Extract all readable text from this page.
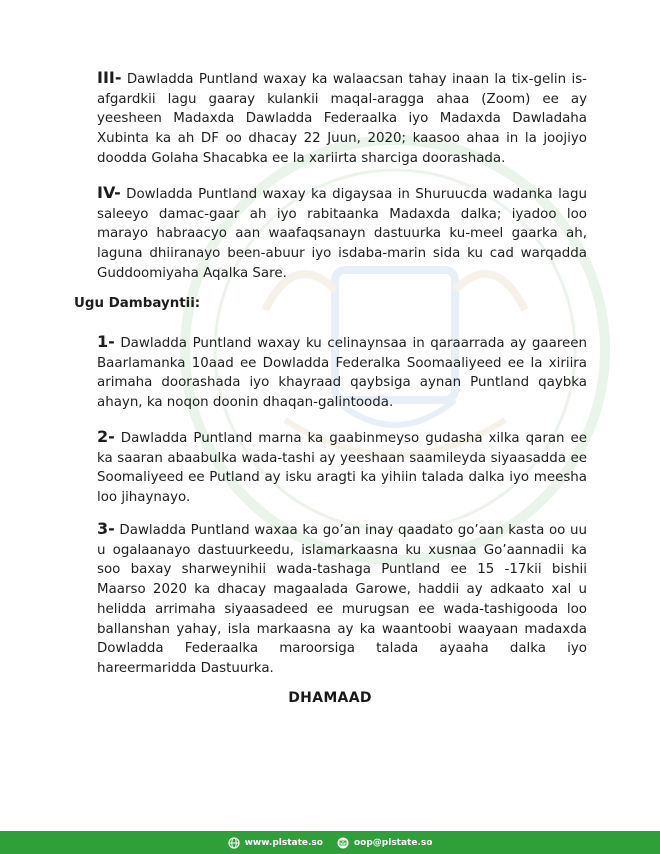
III- Dawladda Puntland waxay ka walaacsan tahay inaan la tix-gelin is-afgardkii lagu gaaray kulankii maqal-aragga ahaa (Zoom) ee ay yeesheen Madaxda Dawladda Federaalka iyo Madaxda Dawladaha Xubinta ka ah DF oo dhacay 22 Juun, 2020; kaasoo ahaa in la joojiyo doodda Golaha Shacabka ee la xariirta sharciga doorashada.
IV- Dowladda Puntland waxay ka digaysaa in Shuruucda wadanka lagu saleeyo damac-gaar ah iyo rabitaanka Madaxda dalka; iyadoo loo marayo habraacyo aan waafaqsanayn dastuurka ku-meel gaarka ah, laguna dhiiranayo been-abuur iyo isdaba-marin sida ku cad warqadda Guddoomiyaha Aqalka Sare.
Ugu Dambayntii:
1- Dawladda Puntland waxay ku celinaynsaa in qaraarrada ay gaareen Baarlamanka 10aad ee Dowladda Federalka Soomaaliyeed ee la xiriira arimaha doorashada iyo khayraad qaybsiga aynan Puntland qaybka ahayn, ka noqon doonin dhaqan-galintooda.
2- Dawladda Puntland marna ka gaabinmeyso gudasha xilka qaran ee ka saaran abaabulka wada-tashi ay yeeshaan saamileyda siyaasadda ee Soomaliyeed ee Putland ay isku aragti ka yihiin talada dalka iyo meesha loo jihaynayo.
3- Dawladda Puntland waxaa ka go’an inay qaadato go’aan kasta oo uu u ogalaanayo dastuurkeedu, islamarkaasna ku xusnaa Go’aannadii ka soo baxay sharweynihii wada-tashaga Puntland ee 15 -17kii bishii Maarso 2020 ka dhacay magaalada Garowe, haddii ay adkaato xal u helidda arrimaha siyaasadeed ee murugsan ee wada-tashigooda loo ballanshan yahay, isla markaasna ay ka waantoobi waayaan madaxda Dowladda Federaalka maroorsiga talada ayaaha dalka iyo hareermaridda Dastuurka.
DHAMAAD
www.plstate.so	oop@plstate.so
